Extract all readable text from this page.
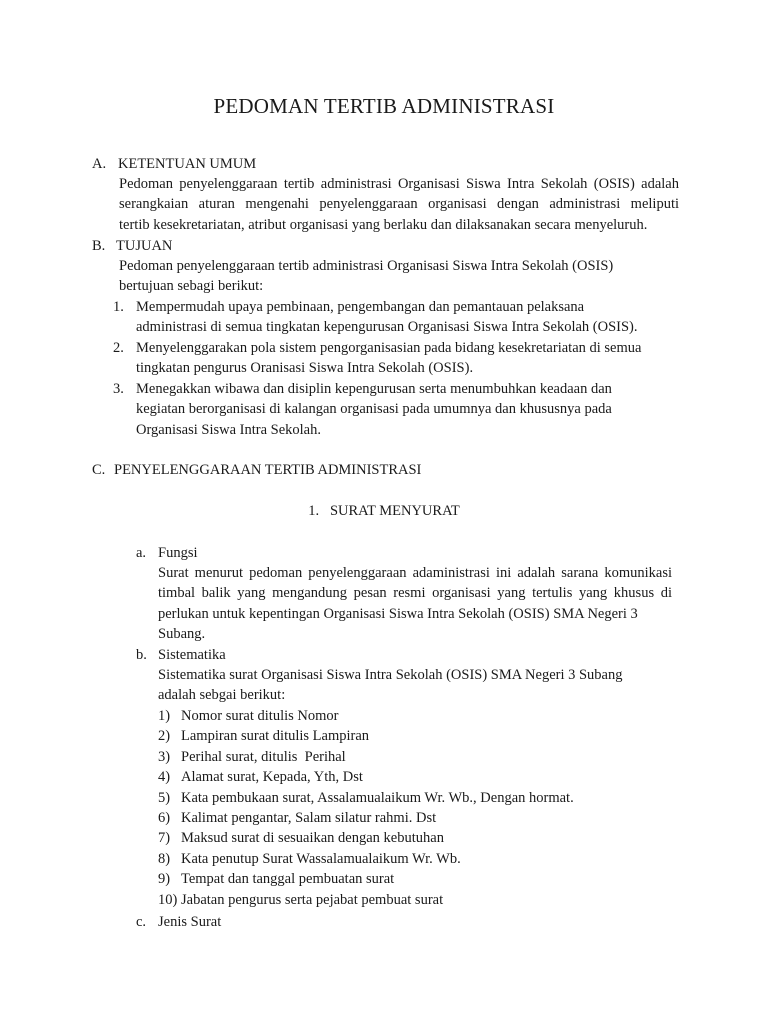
PEDOMAN TERTIB ADMINISTRASI
A. KETENTUAN UMUM
Pedoman penyelenggaraan tertib administrasi Organisasi Siswa Intra Sekolah (OSIS) adalah
serangkaian aturan mengenahi penyelenggaraan organisasi dengan administrasi meliputi
tertib kesekretariatan, atribut organisasi yang berlaku dan dilaksanakan secara menyeluruh.
B. TUJUAN
Pedoman penyelenggaraan tertib administrasi Organisasi Siswa Intra Sekolah (OSIS)
bertujuan sebagi berikut:
1. Mempermudah upaya pembinaan, pengembangan dan pemantauan pelaksana
administrasi di semua tingkatan kepengurusan Organisasi Siswa Intra Sekolah (OSIS).
2. Menyelenggarakan pola sistem pengorganisasian pada bidang kesekretariatan di semua
tingkatan pengurus Oranisasi Siswa Intra Sekolah (OSIS).
3. Menegakkan wibawa dan disiplin kepengurusan serta menumbuhkan keadaan dan
kegiatan berorganisasi di kalangan organisasi pada umumnya dan khususnya pada
Organisasi Siswa Intra Sekolah.
C. PENYELENGGARAAN TERTIB ADMINISTRASI
1. SURAT MENYURAT
a. Fungsi
Surat menurut pedoman penyelenggaraan adaministrasi ini adalah sarana komunikasi
timbal balik yang mengandung pesan resmi organisasi yang tertulis yang khusus di
perlukan untuk kepentingan Organisasi Siswa Intra Sekolah (OSIS) SMA Negeri 3
Subang.
b. Sistematika
Sistematika surat Organisasi Siswa Intra Sekolah (OSIS) SMA Negeri 3 Subang
adalah sebgai berikut:
1) Nomor surat ditulis Nomor
2) Lampiran surat ditulis Lampiran
3) Perihal surat, ditulis  Perihal
4) Alamat surat, Kepada, Yth, Dst
5) Kata pembukaan surat, Assalamualaikum Wr. Wb., Dengan hormat.
6) Kalimat pengantar, Salam silatur rahmi. Dst
7) Maksud surat di sesuaikan dengan kebutuhan
8) Kata penutup Surat Wassalamualaikum Wr. Wb.
9) Tempat dan tanggal pembuatan surat
10) Jabatan pengurus serta pejabat pembuat surat
c. Jenis Surat
